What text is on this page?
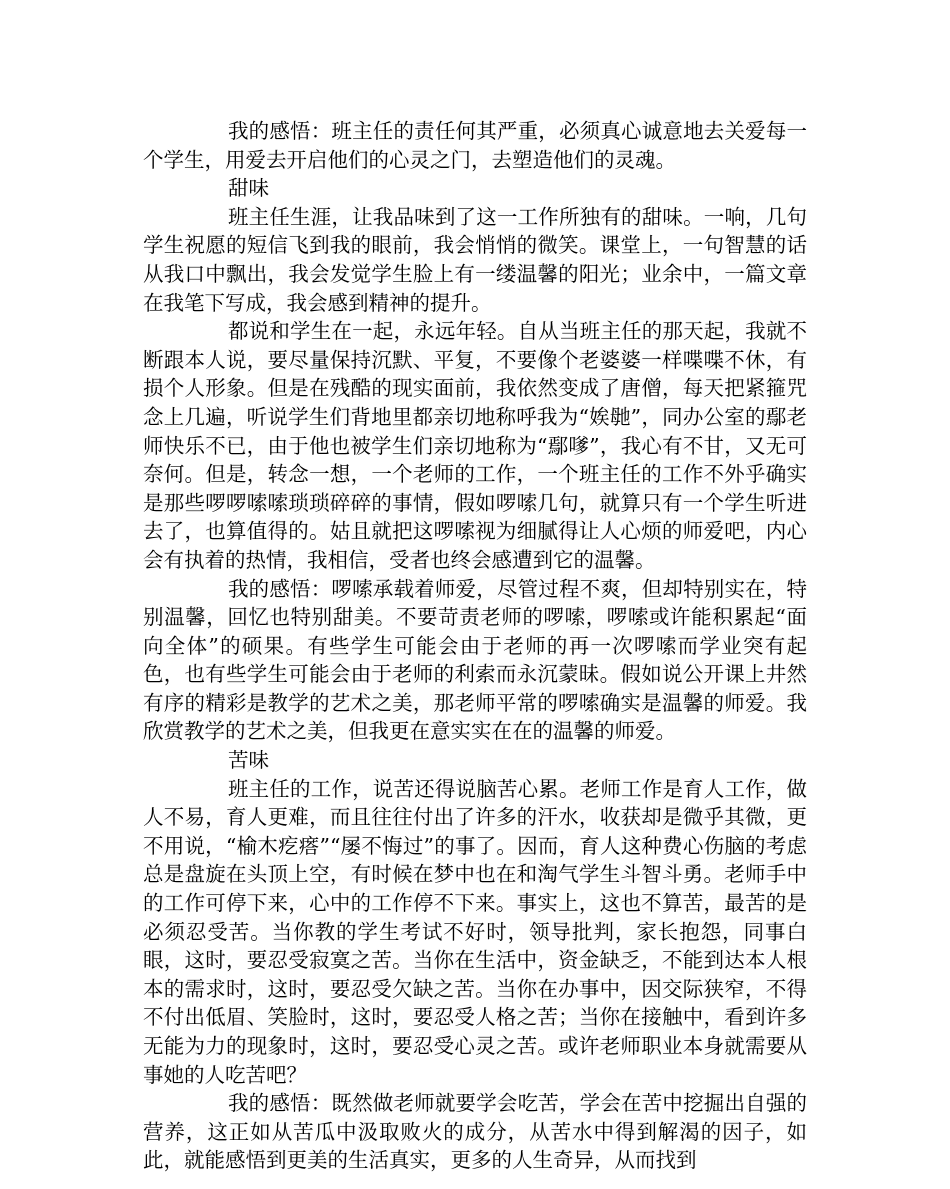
我的感悟：班主任的责任何其严重，必须真心诚意地去关爱每一个学生，用爱去开启他们的心灵之门，去塑造他们的灵魂。

甜味

班主任生涯，让我品味到了这一工作所独有的甜味。一响，几句学生祝愿的短信飞到我的眼前，我会悄悄的微笑。课堂上，一句智慧的话从我口中飘出，我会发觉学生脸上有一缕温馨的阳光；业余中，一篇文章在我笔下写成，我会感到精神的提升。

都说和学生在一起，永远年轻。自从当班主任的那天起，我就不断跟本人说，要尽量保持沉默、平复，不要像个老婆婆一样喋喋不休，有损个人形象。但是在残酷的现实面前，我依然变成了唐僧，每天把紧箍咒念上几遍，听说学生们背地里都亲切地称呼我为“娭毑”，同办公室的鄢老师快乐不已，由于他也被学生们亲切地称为“鄢嗲”，我心有不甘，又无可奈何。但是，转念一想，一个老师的工作，一个班主任的工作不外乎确实是那些啰啰嗦嗦琐琐碎碎的事情，假如啰嗦几句，就算只有一个学生听进去了，也算值得的。姑且就把这啰嗦视为细腻得让人心烦的师爱吧，内心会有执着的热情，我相信，受者也终会感遭到它的温馨。

我的感悟：啰嗦承载着师爱，尽管过程不爽，但却特别实在，特别温馨，回忆也特别甜美。不要苛责老师的啰嗦，啰嗦或许能积累起“面向全体”的硕果。有些学生可能会由于老师的再一次啰嗦而学业突有起色，也有些学生可能会由于老师的利索而永沉蒙昧。假如说公开课上井然有序的精彩是教学的艺术之美，那老师平常的啰嗦确实是温馨的师爱。我欣赏教学的艺术之美，但我更在意实实在在的温馨的师爱。

苦味

班主任的工作，说苦还得说脑苦心累。老师工作是育人工作，做人不易，育人更难，而且往往付出了许多的汗水，收获却是微乎其微，更不用说，“榆木疙瘩”“屡不悔过”的事了。因而，育人这种费心伤脑的考虑总是盘旋在头顶上空，有时候在梦中也在和淘气学生斗智斗勇。老师手中的工作可停下来，心中的工作停不下来。事实上，这也不算苦，最苦的是必须忍受苦。当你教的学生考试不好时，领导批判，家长抱怨，同事白眼，这时，要忍受寂寞之苦。当你在生活中，资金缺乏，不能到达本人根本的需求时，这时，要忍受欠缺之苦。当你在办事中，因交际狭窄，不得不付出低眉、笑脸时，这时，要忍受人格之苦；当你在接触中，看到许多无能为力的现象时，这时，要忍受心灵之苦。或许老师职业本身就需要从事她的人吃苦吧？

我的感悟：既然做老师就要学会吃苦，学会在苦中挖掘出自强的营养，这正如从苦瓜中汲取败火的成分，从苦水中得到解渴的因子，如此，就能感悟到更美的生活真实，更多的人生奇异，从而找到
